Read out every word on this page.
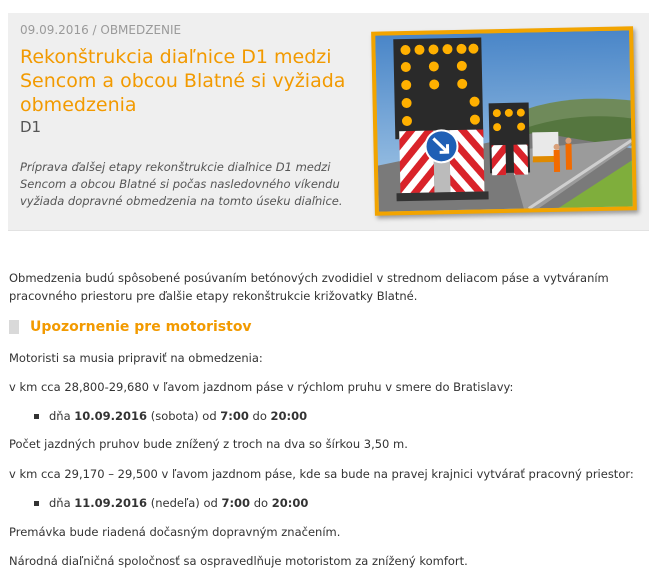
09.09.2016 / OBMEDZENIE
Rekonštrukcia diaľnice D1 medzi Sencom a obcou Blatné si vyžiada obmedzenia
D1
Príprava ďalšej etapy rekonštrukcie diaľnice D1 medzi Sencom a obcou Blatné si počas nasledovného víkendu vyžiada dopravné obmedzenia na tomto úseku diaľnice.

Obmedzenia budú spôsobené posúvaním betónových zvodidiel v strednom deliacom páse a vytváraním pracovného priestoru pre ďalšie etapy rekonštrukcie križovatky Blatné.

Upozornenie pre motoristov

Motoristi sa musia pripraviť na obmedzenia:

v km cca 28,800-29,680 v ľavom jazdnom páse v rýchlom pruhu v smere do Bratislavy:

dňa
10.09.2016
(sobota)
od
7:00
do
20:00

Počet jazdných pruhov bude znížený z troch na dva so šírkou 3,50 m.

v km cca 29,170 – 29,500 v ľavom jazdnom páse, kde sa bude na pravej krajnici vytvárať pracovný priestor:

dňa
11.09.2016
(nedeľa)
od
7:00
do
20:00

Premávka bude riadená dočasným dopravným značením.

Národná diaľničná spoločnosť sa ospravedlňuje motoristom za znížený komfort.
